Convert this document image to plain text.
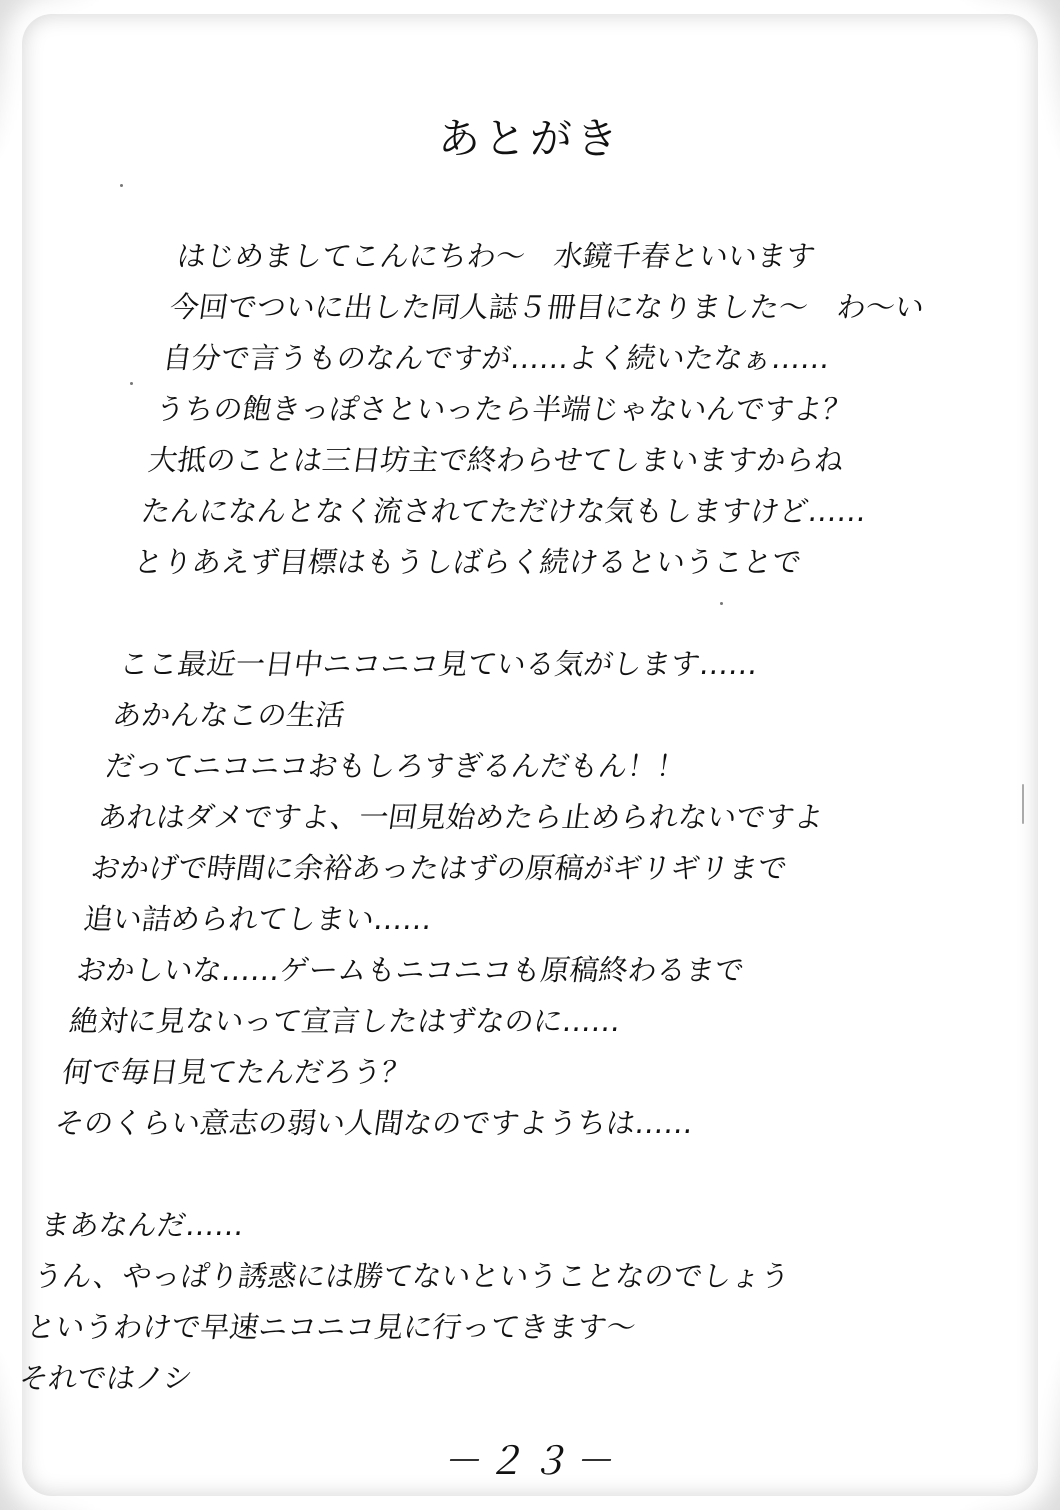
あとがき
はじめましてこんにちわ〜　水鏡千春といいます
今回でついに出した同人誌５冊目になりました〜　わ〜い
自分で言うものなんですが……よく続いたなぁ……
うちの飽きっぽさといったら半端じゃないんですよ？
大抵のことは三日坊主で終わらせてしまいますからね
たんになんとなく流されてただけな気もしますけど……
とりあえず目標はもうしばらく続けるということで
ここ最近一日中ニコニコ見ている気がします……
あかんなこの生活
だってニコニコおもしろすぎるんだもん！！
あれはダメですよ、一回見始めたら止められないですよ
おかげで時間に余裕あったはずの原稿がギリギリまで
追い詰められてしまい……
おかしいな……ゲームもニコニコも原稿終わるまで
絶対に見ないって宣言したはずなのに……
何で毎日見てたんだろう？
そのくらい意志の弱い人間なのですようちは……
まあなんだ……
うん、やっぱり誘惑には勝てないということなのでしょう
というわけで早速ニコニコ見に行ってきます〜
それではノシ
－２３－
